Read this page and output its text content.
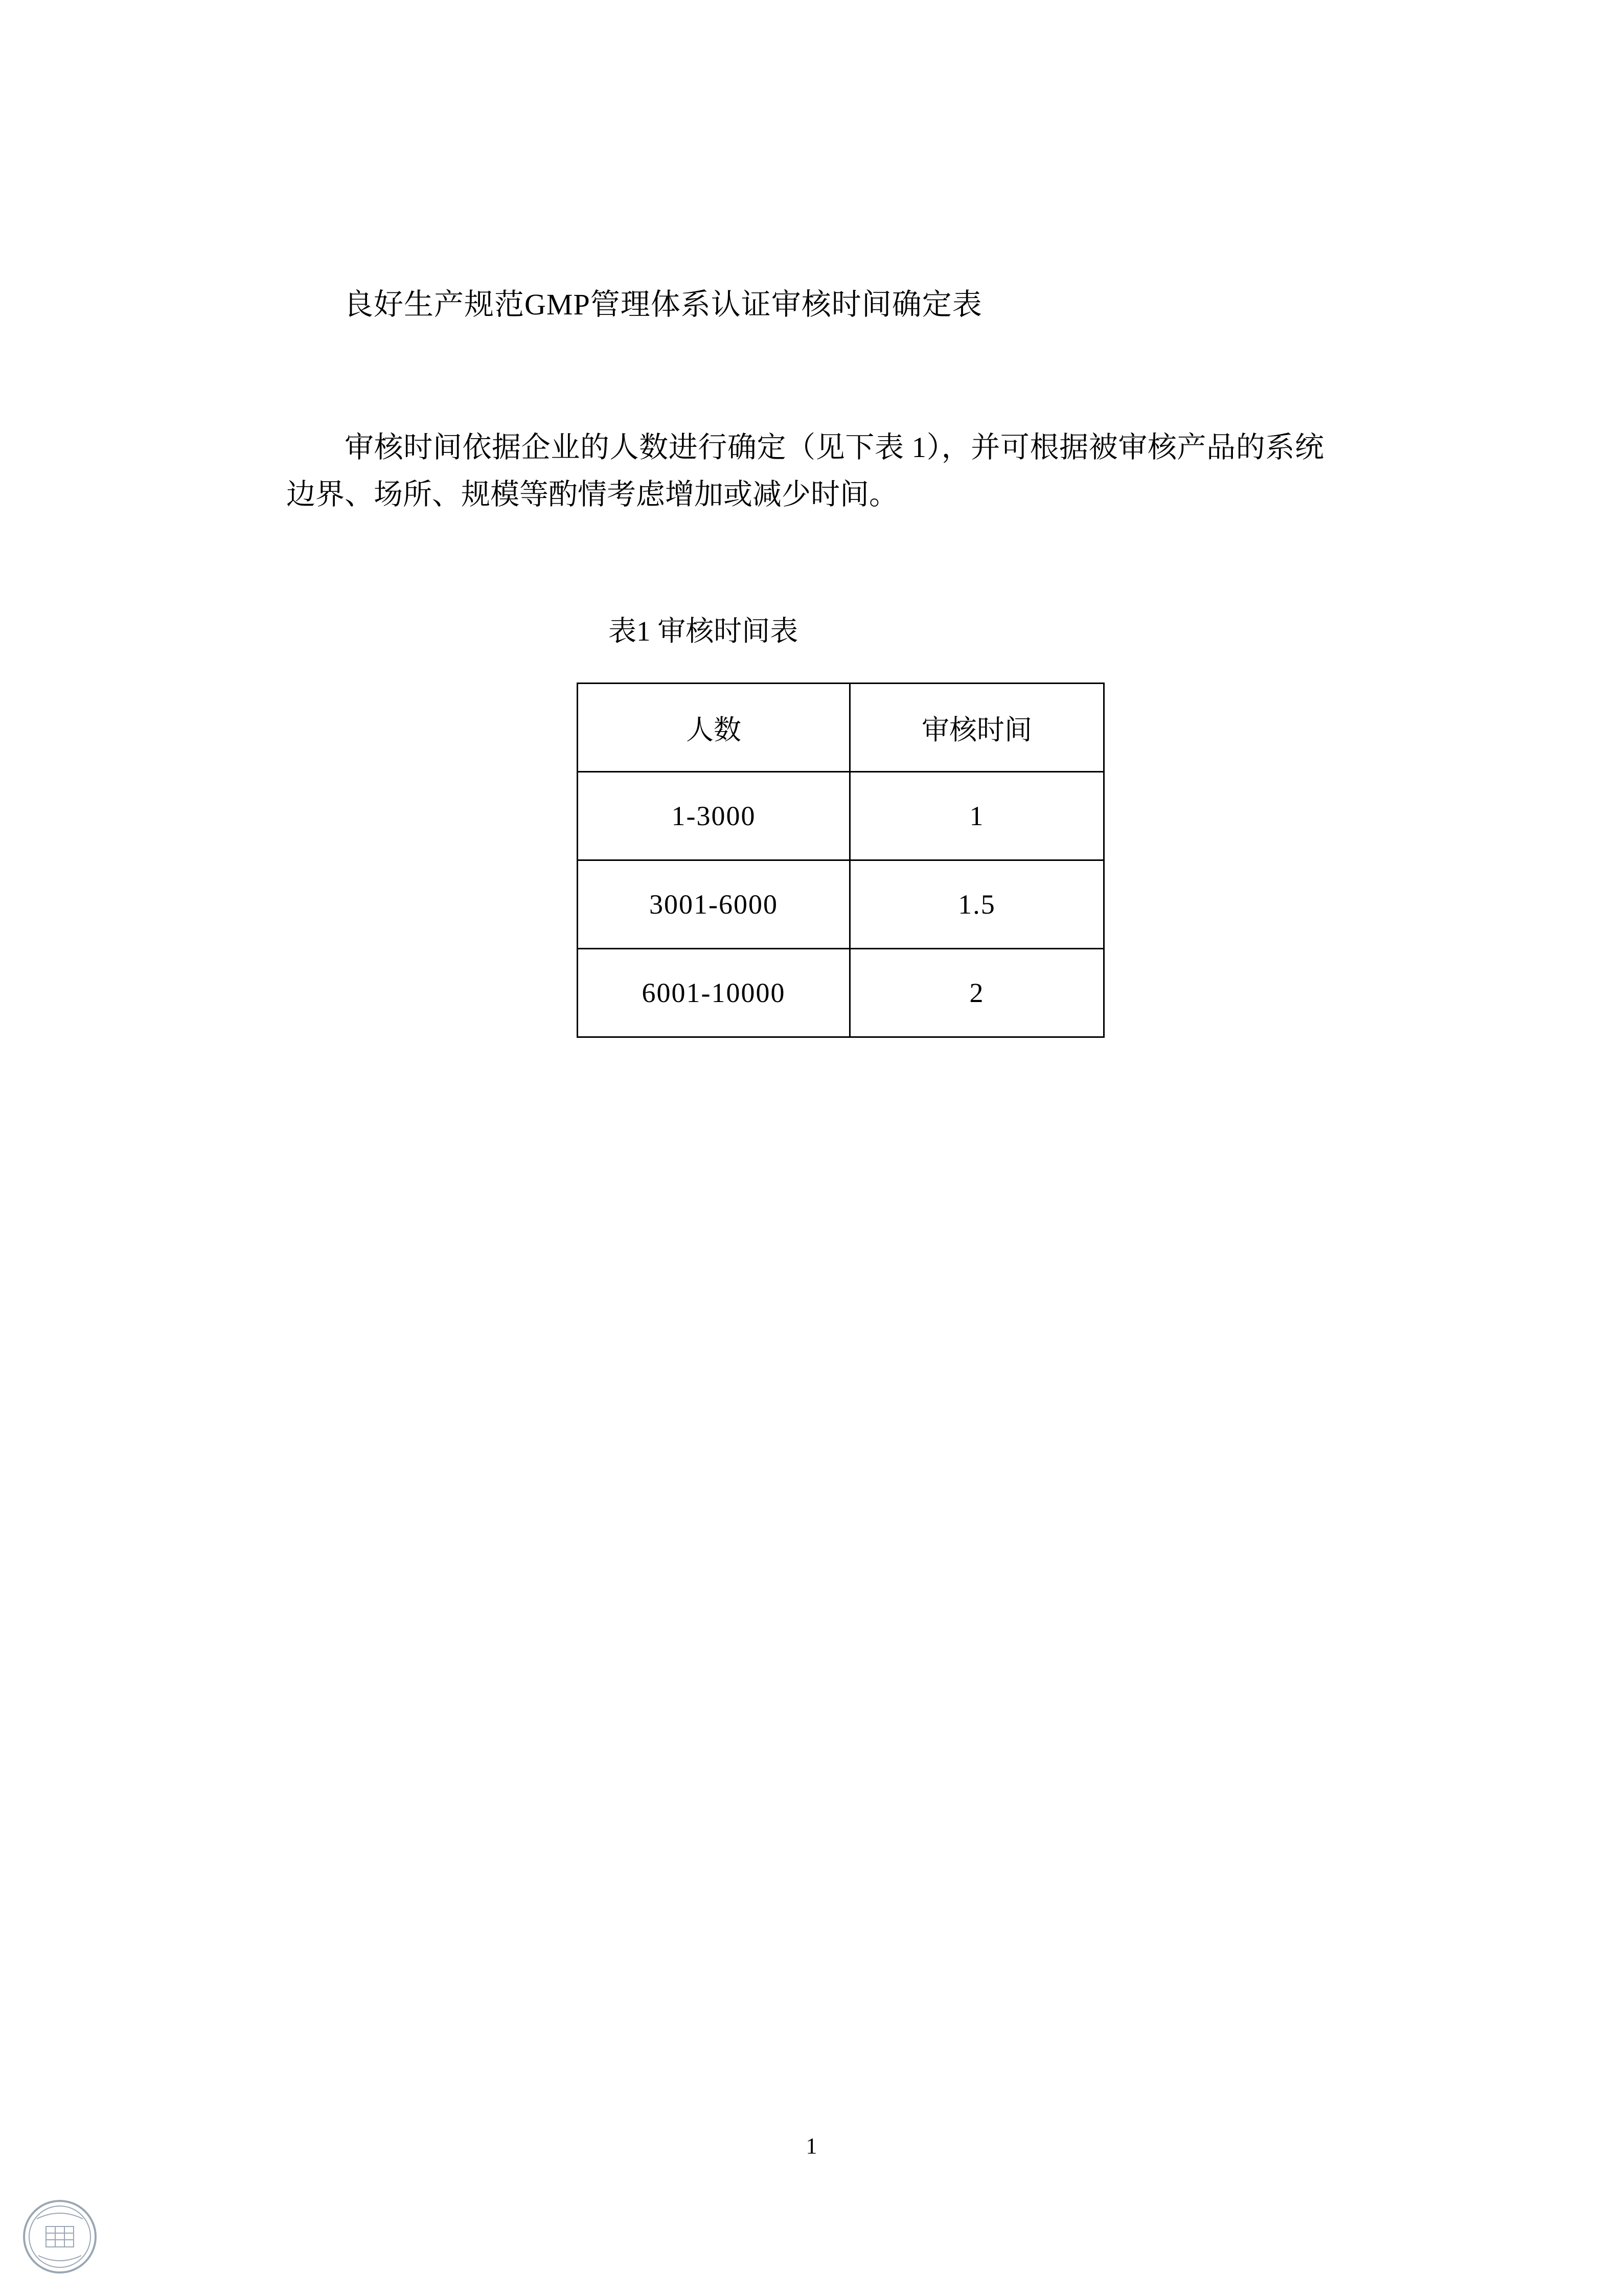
良好生产规范GMP管理体系认证审核时间确定表
审核时间依据企业的人数进行确定（见下表 1），并可根据被审核产品的系统边界、场所、规模等酌情考虑增加或减少时间。
表1 审核时间表
人数	审核时间
1-3000	1
3001-6000	1.5
6001-10000	2
1
